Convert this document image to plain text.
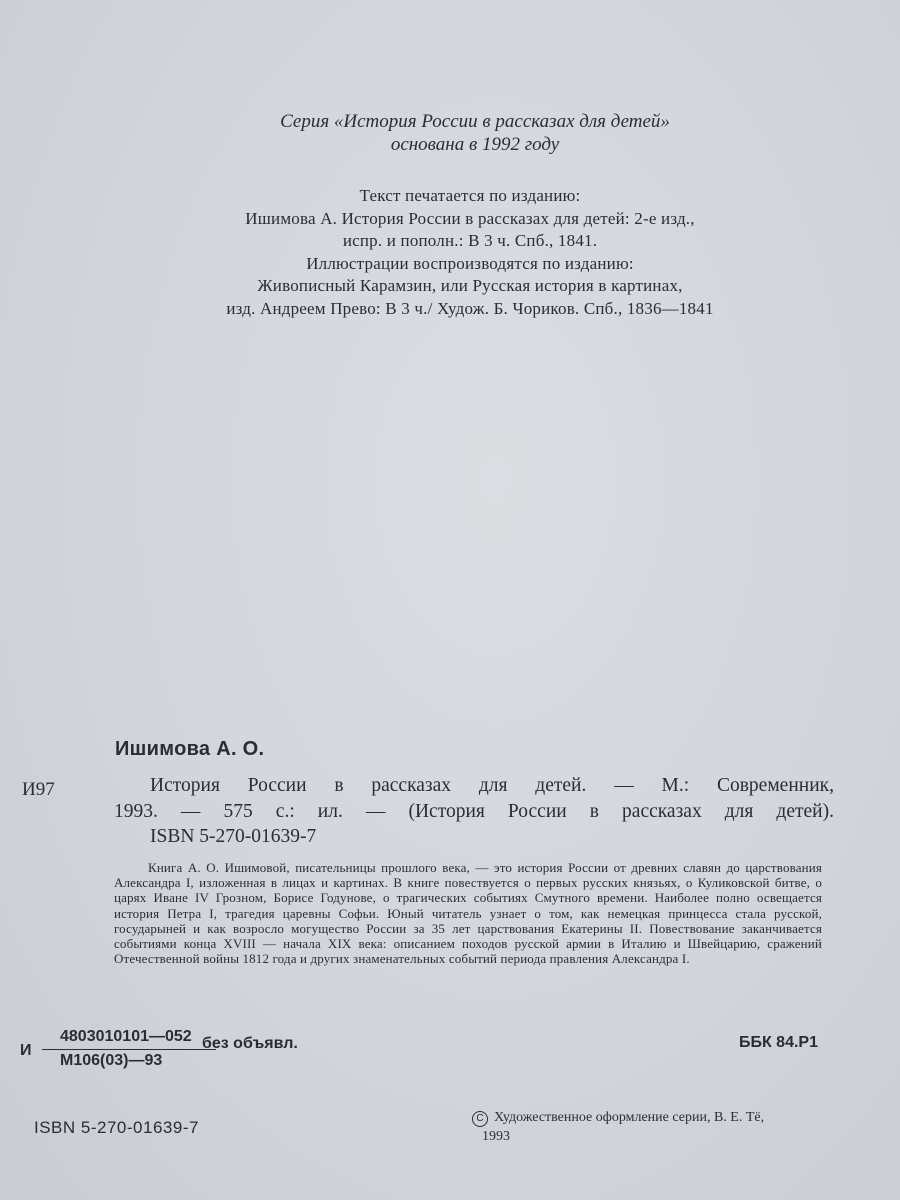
Серия «История России в рассказах для детей»
основана в 1992 году
Текст печатается по изданию:
Ишимова А. История России в рассказах для детей: 2-е изд.,
испр. и пополн.: В 3 ч. Спб., 1841.
Иллюстрации воспроизводятся по изданию:
Живописный Карамзин, или Русская история в картинах,
изд. Андреем Прево: В 3 ч./ Худож. Б. Чориков. Спб., 1836—1841
Ишимова А. О.
И97	История России в рассказах для детей. — М.: Современник,
1993. — 575 с.: ил. — (История России в рассказах для детей).
ISBN 5-270-01639-7
Книга А. О. Ишимовой, писательницы прошлого века, — это история России от древних славян до царствования Александра I, изложенная в лицах и картинах. В книге повествуется о первых русских князьях, о Куликовской битве, о царях Иване IV Грозном, Борисе Годунове, о трагических событиях Смутного времени. Наиболее полно освещается история Петра I, трагедия царевны Софьи. Юный читатель узнает о том, как немецкая принцесса стала русской, государыней и как возросло могущество России за 35 лет царствования Екатерины II. Повествование заканчивается событиями конца XVIII — начала XIX века: описанием походов русской армии в Италию и Швейцарию, сражений Отечественной войны 1812 года и других знаменательных событий периода правления Александра I.
И
4803010101—052
М106(03)—93
без объявл.	ББК 84.Р1
ISBN 5-270-01639-7	C Художественное оформление серии, В. Е. Тё,
1993
